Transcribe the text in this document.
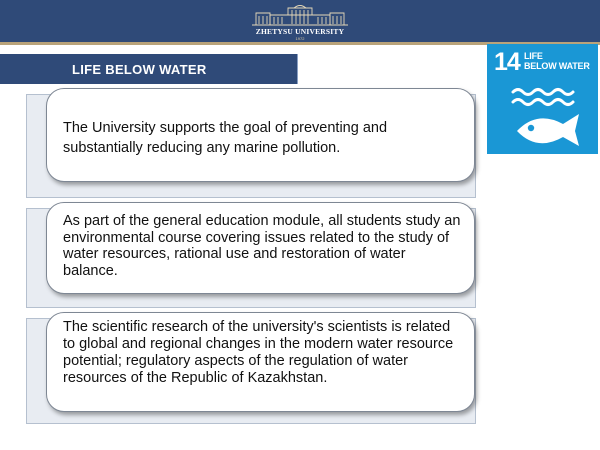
ZHETYSU UNIVERSITY
1972
LIFE BELOW WATER	14 LIFE
BELOW WATER

The University supports the goal of preventing and substantially reducing any marine pollution.

As part of the general education module, all students study an environmental course covering issues related to the study of water resources, rational use and restoration of water balance.

The scientific research of the university's scientists is related to global and regional changes in the modern water resource potential; regulatory aspects of the regulation of water resources of the Republic of Kazakhstan.
